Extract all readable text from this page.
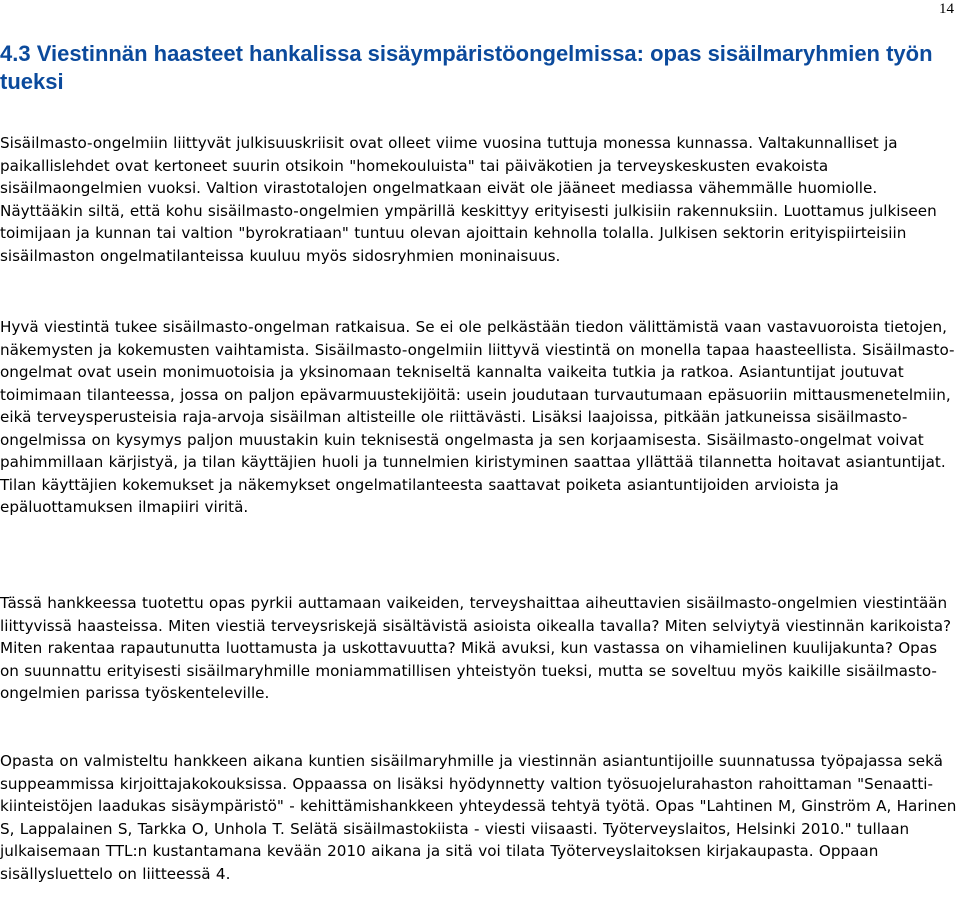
14
4.3 Viestinnän haasteet hankalissa sisäympäristöongelmissa: opas sisäilmaryhmien työn tueksi

Sisäilmasto-ongelmiin liittyvät julkisuuskriisit ovat olleet viime vuosina tuttuja monessa kunnassa. Valtakunnalliset ja paikallislehdet ovat kertoneet suurin otsikoin "homekouluista" tai päiväkotien ja terveyskeskusten evakoista sisäilmaongelmien vuoksi. Valtion virastotalojen ongelmatkaan eivät ole jääneet mediassa vähemmälle huomiolle. Näyttääkin siltä, että kohu sisäilmasto-ongelmien ympärillä keskittyy erityisesti julkisiin rakennuksiin. Luottamus julkiseen toimijaan ja kunnan tai valtion "byrokratiaan" tuntuu olevan ajoittain kehnolla tolalla. Julkisen sektorin erityispiirteisiin sisäilmaston ongelmatilanteissa kuuluu myös sidosryhmien moninaisuus.

Hyvä viestintä tukee sisäilmasto-ongelman ratkaisua. Se ei ole pelkästään tiedon välittämistä vaan vastavuoroista tietojen, näkemysten ja kokemusten vaihtamista. Sisäilmasto-ongelmiin liittyvä viestintä on monella tapaa haasteellista. Sisäilmasto-ongelmat ovat usein monimuotoisia ja yksinomaan tekniseltä kannalta vaikeita tutkia ja ratkoa. Asiantuntijat joutuvat toimimaan tilanteessa, jossa on paljon epävarmuustekijöitä: usein joudutaan turvautumaan epäsuoriin mittausmenetelmiin, eikä terveysperusteisia raja-arvoja sisäilman altisteille ole riittävästi. Lisäksi laajoissa, pitkään jatkuneissa sisäilmasto-ongelmissa on kysymys paljon muustakin kuin teknisestä ongelmasta ja sen korjaamisesta. Sisäilmasto-ongelmat voivat pahimmillaan kärjistyä, ja tilan käyttäjien huoli ja tunnelmien kiristyminen saattaa yllättää tilannetta hoitavat asiantuntijat. Tilan käyttäjien kokemukset ja näkemykset ongelmatilanteesta saattavat poiketa asiantuntijoiden arvioista ja epäluottamuksen ilmapiiri viritä.

Tässä hankkeessa tuotettu opas pyrkii auttamaan vaikeiden, terveyshaittaa aiheuttavien sisäilmasto-ongelmien viestintään liittyvissä haasteissa. Miten viestiä terveysriskejä sisältävistä asioista oikealla tavalla? Miten selviytyä viestinnän karikoista? Miten rakentaa rapautunutta luottamusta ja uskottavuutta? Mikä avuksi, kun vastassa on vihamielinen kuulijakunta? Opas on suunnattu erityisesti sisäilmaryhmille moniammatillisen yhteistyön tueksi, mutta se soveltuu myös kaikille sisäilmasto-ongelmien parissa työskenteleville.

Opasta on valmisteltu hankkeen aikana kuntien sisäilmaryhmille ja viestinnän asiantuntijoille suunnatussa työpajassa sekä suppeammissa kirjoittajakokouksissa. Oppaassa on lisäksi hyödynnetty valtion työsuojelurahaston rahoittaman "Senaatti-kiinteistöjen laadukas sisäympäristö" - kehittämishankkeen yhteydessä tehtyä työtä. Opas "Lahtinen M, Ginström A, Harinen S, Lappalainen S, Tarkka O, Unhola T. Selätä sisäilmastokiista - viesti viisaasti. Työterveyslaitos, Helsinki 2010." tullaan julkaisemaan TTL:n kustantamana kevään 2010 aikana ja sitä voi tilata Työterveyslaitoksen kirjakaupasta. Oppaan sisällysluettelo on liitteessä 4.
